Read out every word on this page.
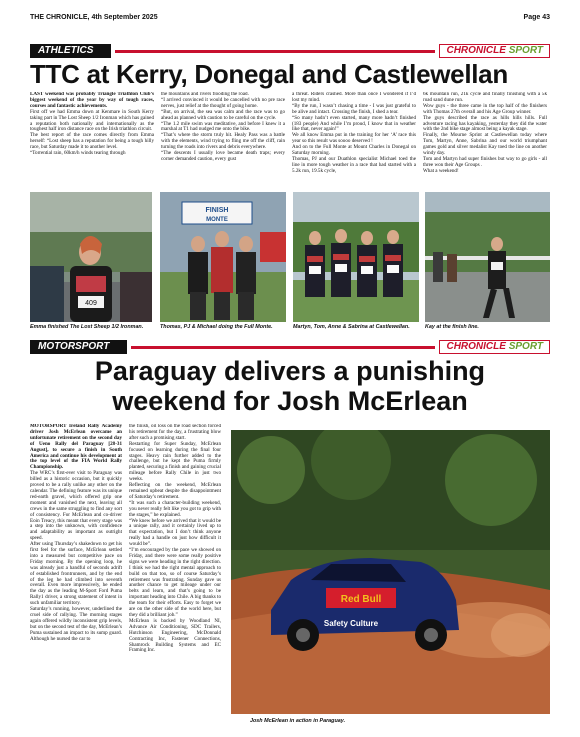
THE CHRONICLE, 4th September 2025	Page 43
ATHLETICS	CHRONICLE SPORT
TTC at Kerry, Donegal and Castlewellan

LAST weekend was probably Triangle Triathlon Club’s biggest weekend of the year by way of tough races, courses and fantastic achievements.
First off we had Emma down at Kenmare in South Kerry taking part in The Lost Sheep 1/2 Ironman which has gained a reputation both nationally and internationally as the toughest half iron distance race on the Irish triathlon circuit.
The best report of the race comes directly from Emma herself: “Lost sheep has a reputation for being a tough hilly race, but Saturday made it to another level.
“Torrential rain, 60km/h winds tearing through

the mountains and rivers flooding the road.
“I arrived convinced it would be cancelled with no pre race nerves, just relief at the thought of going home.
“But, on arrival, the sea was calm and the race was to go ahead as planned with caution to be careful on the cycle.
“The 1.2 mile swim was meditative, and before I knew it a marshal at T1 had nudged me onto the bike.
“That’s where the storm truly hit. Healy Pass was a battle with the elements, wind trying to fling me off the cliff, rain turning the roads into rivers and debris everywhere.
“The descents I usually love became death traps; every corner demanded caution, every gust

a threat. Riders crashed. More than once I wondered if I’d lost my mind.
“By the run, I wasn’t chasing a time - I was just grateful to be alive and intact. Crossing the finish, I shed a tear.
“So many hadn’t even started, many more hadn’t finished (183 people) And while I’m proud, I know that in weather like that, never again!”
We all know Emma put in the training for her ‘A’ race this year so this result was soooo deserved !
And on to the Full Monte at Mount Charles in Donegal on Saturday morning.
Thomas, PJ and our Duathlon specialist Michael toed the line in more tough weather in a race that had started with a 5.2k run, 19.5k cycle,

6k mountain run, 21k cycle and finally finishing with a 5k road sand dune run.
Wow guys - the three came in the top half of the finishers with Thomas 27th overall and his Age Group winner.
The guys described the race as hills hills hills. Full adventure racing has kayaking, yesterday they did the water with the 2nd bike stage almost being a kayak stage.
Finally, the Mourne Sprint at Castlewellan today where Tom, Martyn, Anne, Sabrina and our world triumphant games gold and silver medalist Kay toed the line on another windy day.
Tom and Martyn had super finishes but way to go girls - all three won their Age Groups .
What a weekend!

409
FINISH
MONTE
Emma finished The Lost Sheep 1/2 Ironman.	Thomas, PJ & Michael doing the Full Monte.	Martyn, Tom, Anne & Sabrina at Castlewellan.	Kay at the finish line.
MOTORSPORT	CHRONICLE SPORT
Paraguay delivers a punishing
weekend for Josh McErlean

MOTORSPORT Ireland Rally Academy driver Josh McErlean overcame an unfortunate retirement on the second day of Ueno Rally del Paraguay [28-31 August], to secure a finish in South America and continue his development at the top level of the FIA World Rally Championship.
The WRC’s first-ever visit to Paraguay was billed as a historic occasion, but it quickly proved to be a rally unlike any other on the calendar. The defining feature was its unique red-earth gravel, which offered grip one moment and vanished the next, leaving all crews in the same struggling to find any sort of consistency. For McErlean and co-driver Eoin Treacy, this meant that every stage was a step into the unknown, with confidence and adaptability as important as outright speed.
After using Thursday’s shakedown to get his first feel for the surface, McErlean settled into a measured but competitive pace on Friday morning. By the opening loop, he was already just a handful of seconds adrift of established frontrunners, and by the end of the leg he had climbed into seventh overall. Even more impressively, he ended the day as the leading M-Sport Ford Puma Rally1 driver, a strong statement of intent in such unfamiliar territory.
Saturday’s running, however, underlined the cruel side of rallying. The morning stages again offered wildly inconsistent grip levels, but on the second test of the day, McErlean’s Puma sustained an impact to its sump guard. Although he nursed the car to

the finish, oil loss on the road section forced his retirement for the day, a frustrating blow after such a promising start.
Restarting for Super Sunday, McErlean focused on learning during the final four stages. Heavy rain further added to the challenge, but he kept the Puma firmly planted, securing a finish and gaining crucial mileage before Rally Chile in just two weeks.
Reflecting on the weekend, McErlean remained upbeat despite the disappointment of Saturday’s retirement.
“It was such a character-building weekend, you never really felt like you got to grip with the stages,” he explained.
“We knew before we arrived that it would be a unique rally, and it certainly lived up to that expectation, but I don’t think anyone really had a handle on just how difficult it would be”.
“I’m encouraged by the pace we showed on Friday, and there were some really positive signs we were heading in the right direction. I think we had the right mental approach to build on that too, so of course Saturday’s retirement was frustrating. Sunday gave us another chance to get mileage under our belts and learn, and that’s going to be important heading into Chile. A big thanks to the team for their efforts. Easy to forget we are on the other side of the world here, but they did a brilliant job.”
McErlean is backed by Woodland NI, Advance Air Conditioning, SDC Trailers, Hutchinson Engineering, McDonnald Contracting Inc, Fastener Connections, Shamrock Building Systems and EC Framing Inc.

Red Bull
Safety Culture
Josh McErlean in action in Paraguay.
